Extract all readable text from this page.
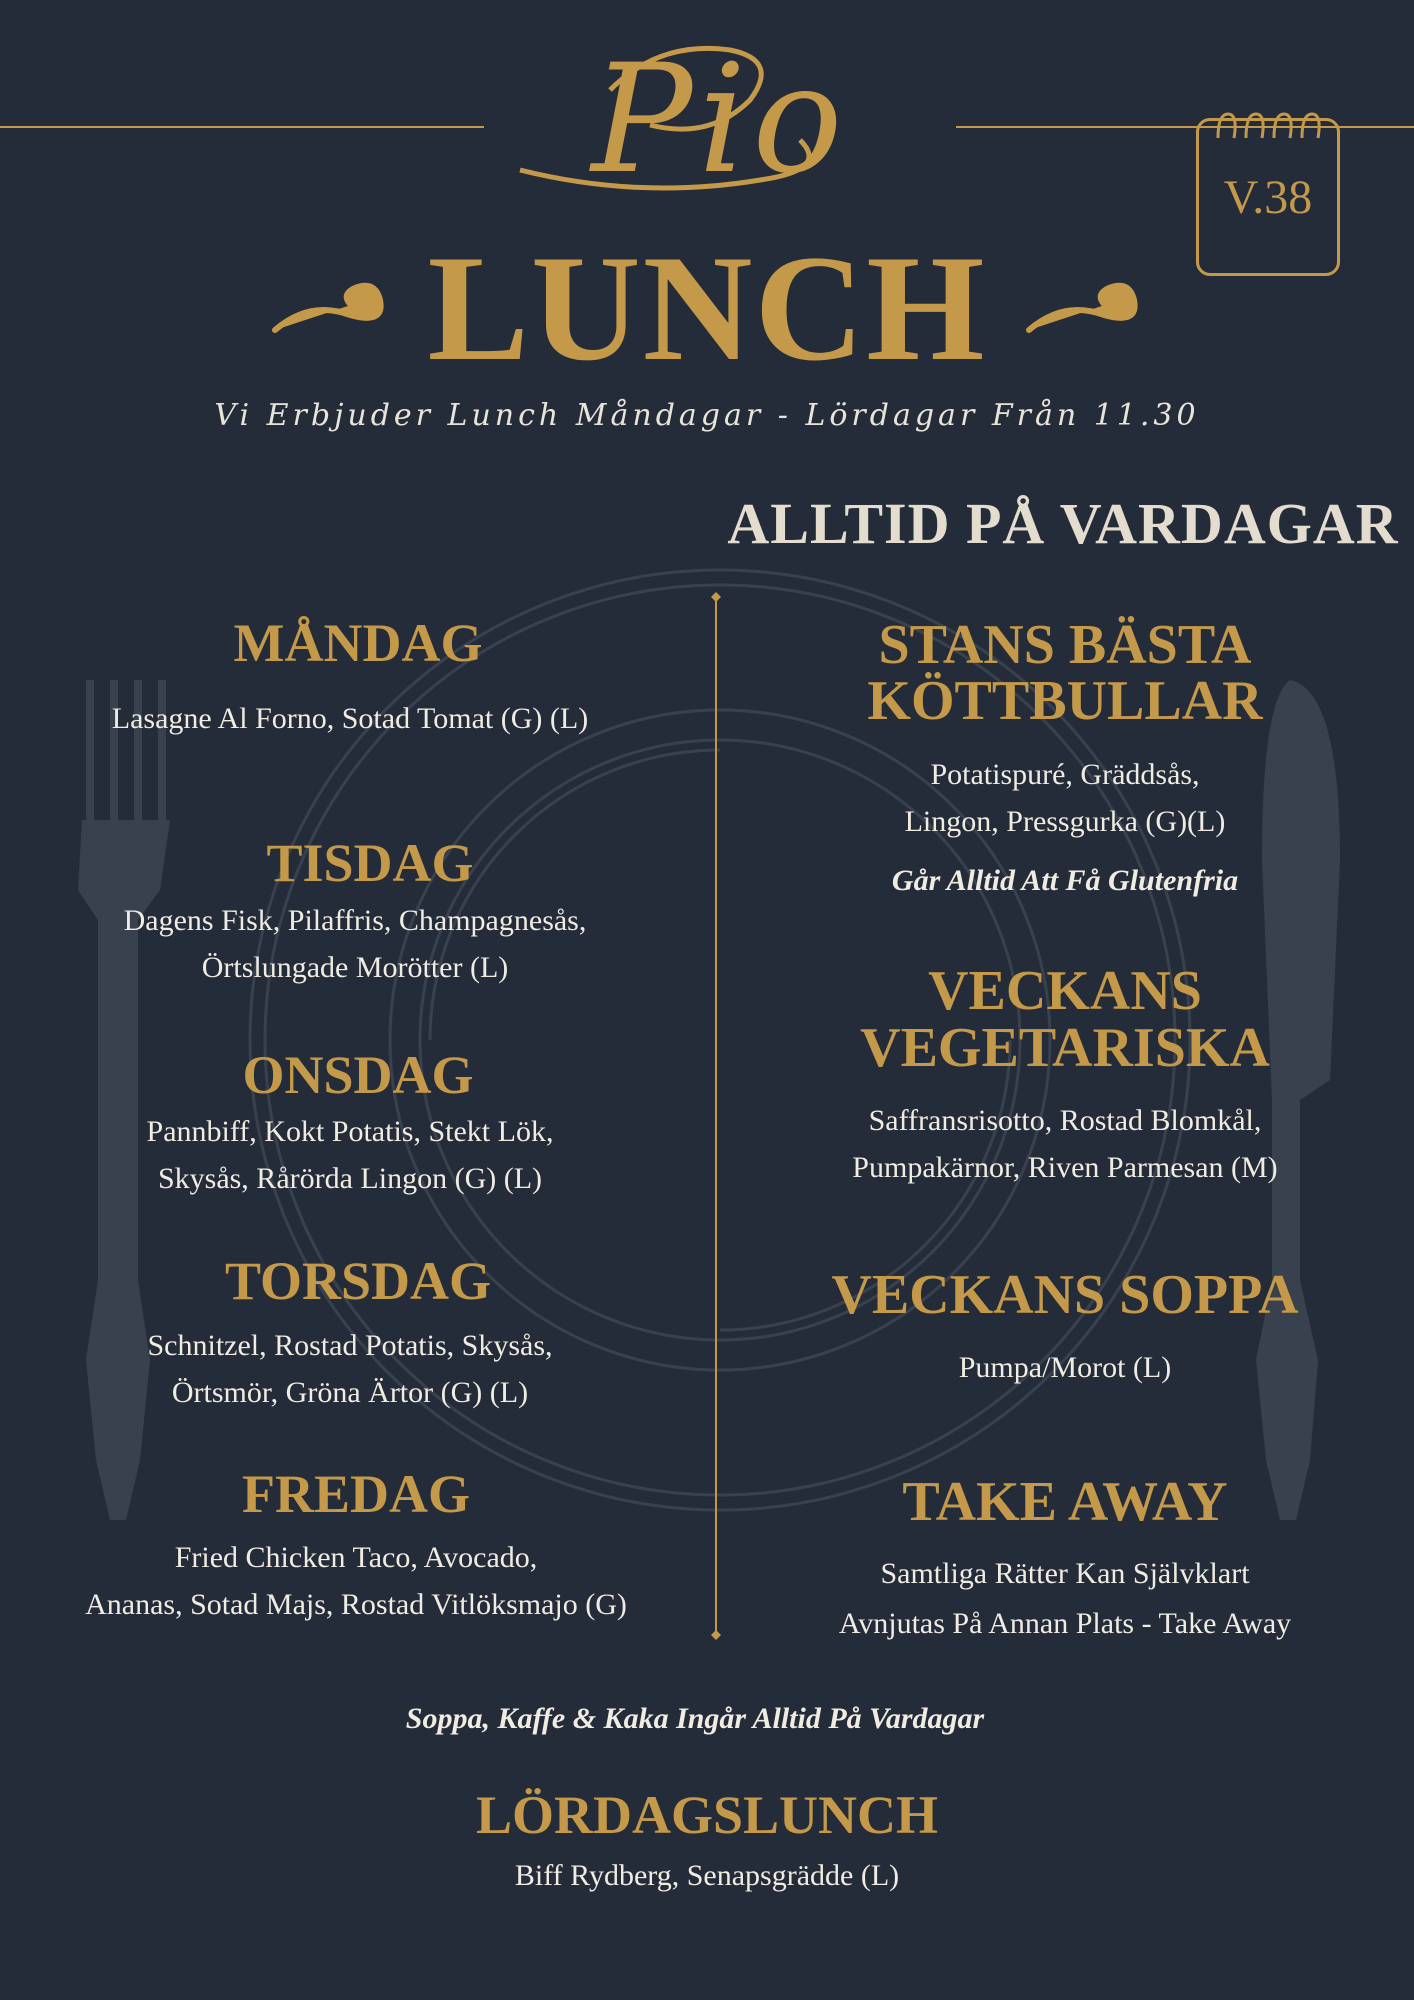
Pio	V.38
LUNCH
Vi Erbjuder Lunch Måndagar - Lördagar Från 11.30
ALLTID PÅ VARDAGAR
MÅNDAG
Lasagne Al Forno, Sotad Tomat (G) (L)
TISDAG
Dagens Fisk, Pilaffris, Champagnesås,
Örtslungade Morötter (L)
ONSDAG
Pannbiff, Kokt Potatis, Stekt Lök,
Skysås, Rårörda Lingon (G) (L)
TORSDAG
Schnitzel, Rostad Potatis, Skysås,
Örtsmör, Gröna Ärtor (G) (L)
FREDAG
Fried Chicken Taco, Avocado,
Ananas, Sotad Majs, Rostad Vitlöksmajo (G)
STANS BÄSTA
KÖTTBULLAR
Potatispuré, Gräddsås,
Lingon, Pressgurka (G)(L)
Går Alltid Att Få Glutenfria
VECKANS
VEGETARISKA
Saffransrisotto, Rostad Blomkål,
Pumpakärnor, Riven Parmesan (M)
VECKANS SOPPA
Pumpa/Morot (L)
TAKE AWAY
Samtliga Rätter Kan Självklart
Avnjutas På Annan Plats - Take Away
Soppa, Kaffe & Kaka Ingår Alltid På Vardagar
LÖRDAGSLUNCH
Biff Rydberg, Senapsgrädde (L)
